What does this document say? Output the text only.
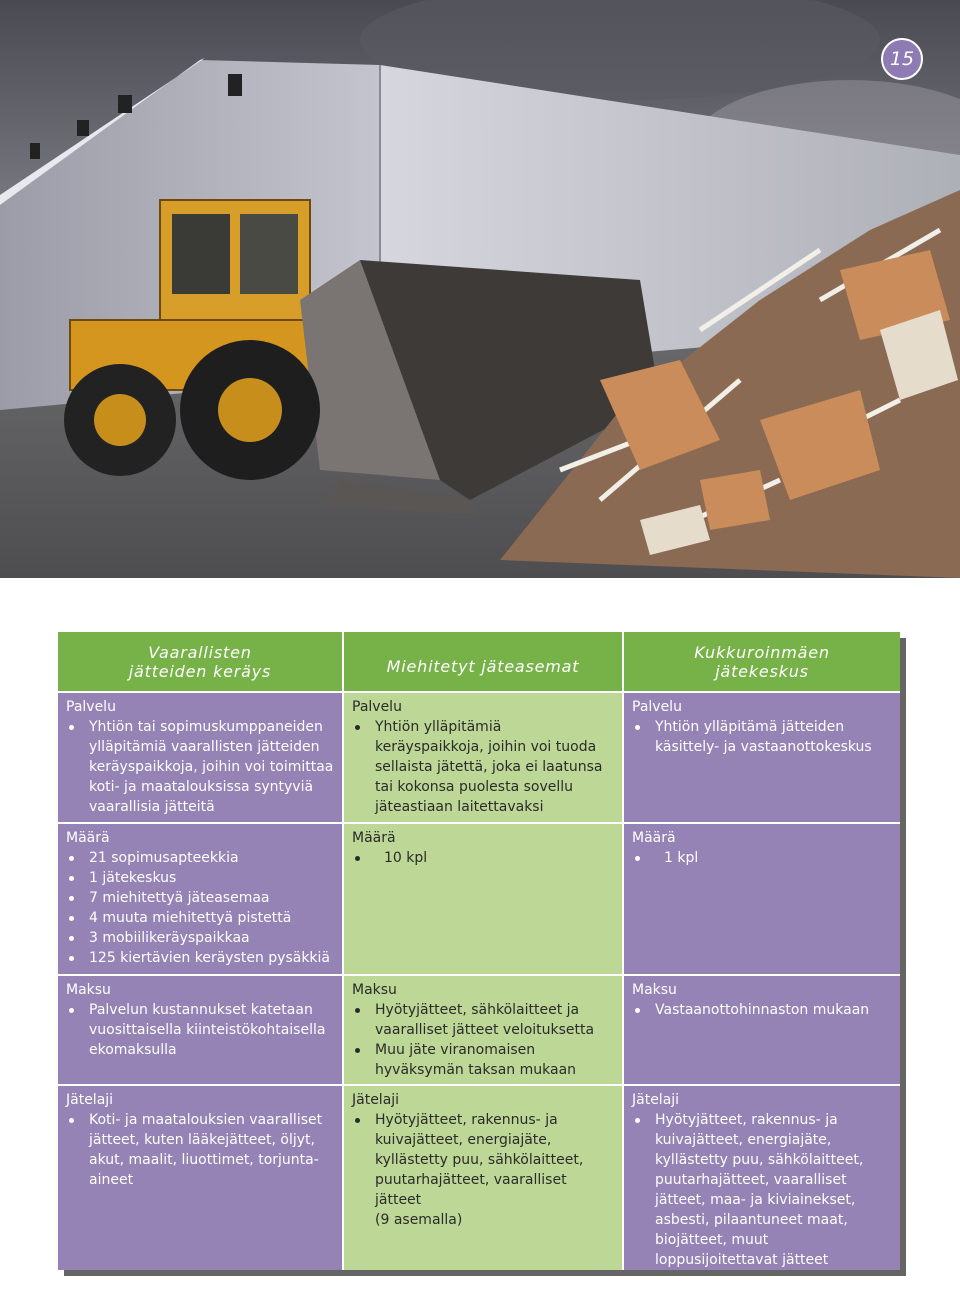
15
Vaarallisten
jätteiden keräys
Palvelu
Yhtiön tai sopimuskumppaneiden ylläpitämiä vaarallisten jätteiden keräyspaikkoja, joihin voi toimittaa koti- ja maatalouksissa syntyviä vaarallisia jätteitä
Määrä
21 sopimusapteekkia
1 jätekeskus
7 miehitettyä jäteasemaa
4 muuta miehitettyä pistettä
3 mobiilikeräyspaikkaa
125 kiertävien keräysten pysäkkiä
Maksu
Palvelun kustannukset katetaan vuosittaisella kiinteistökohtaisella ekomaksulla
Jätelaji
Koti- ja maatalouksien vaaralliset jätteet, kuten lääkejätteet, öljyt, akut, maalit, liuottimet, torjunta-aineet
Miehitetyt jäteasemat
Palvelu
Yhtiön ylläpitämiä keräyspaikkoja, joihin voi tuoda sellaista jätettä, joka ei laatunsa tai kokonsa puolesta sovellu jäteastiaan laitettavaksi
Määrä
10 kpl
Maksu
Hyötyjätteet, sähkölaitteet ja vaaralliset jätteet veloituksetta
Muu jäte viranomaisen hyväksymän taksan mukaan
Jätelaji
Hyötyjätteet, rakennus- ja kuivajätteet, energiajäte, kyllästetty puu, sähkölaitteet, puutarhajätteet, vaaralliset jätteet
(9 asemalla)
Kukkuroinmäen
jätekeskus
Palvelu
Yhtiön ylläpitämä jätteiden käsittely- ja vastaanottokeskus
Määrä
1 kpl
Maksu
Vastaanottohinnaston mukaan
Jätelaji
Hyötyjätteet, rakennus- ja kuivajätteet, energiajäte, kyllästetty puu, sähkölaitteet, puutarhajätteet, vaaralliset jätteet, maa- ja kiviainekset, asbesti, pilaantuneet maat, biojätteet, muut loppusijoitettavat jätteet
